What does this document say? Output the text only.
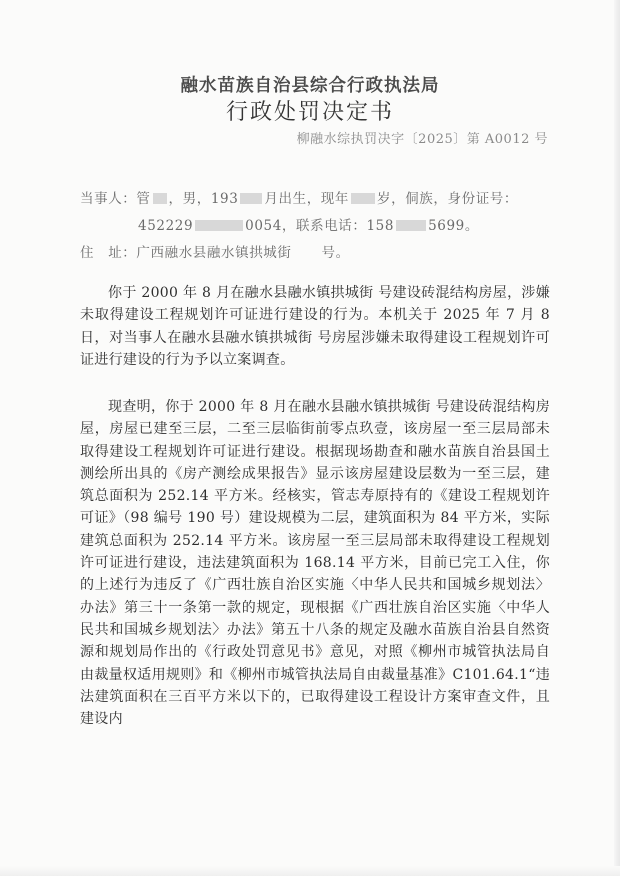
融水苗族自治县综合行政执法局
行政处罚决定书
柳融水综执罚决字〔2025〕第 A0012 号
当事人：管 ，男，193 月出生，现年 岁，侗族，身份证号：
452229	0054，联系电话：158	5699。
住　址：广西融水县融水镇拱城街 号。
你于 2000 年 8 月在融水县融水镇拱城街 号建设砖混结构房屋，涉嫌未取得建设工程规划许可证进行建设的行为。本机关于 2025 年 7 月 8 日，对当事人在融水县融水镇拱城街 号房屋涉嫌未取得建设工程规划许可证进行建设的行为予以立案调查。
现查明，你于 2000 年 8 月在融水县融水镇拱城街 号建设砖混结构房屋，房屋已建至三层，二至三层临街前零点玖壹，该房屋一至三层局部未取得建设工程规划许可证进行建设。根据现场勘查和融水苗族自治县国土测绘所出具的《房产测绘成果报告》显示该房屋建设层数为一至三层，建筑总面积为 252.14 平方米。经核实，管志寿原持有的《建设工程规划许可证》（98 编号 190 号）建设规模为二层，建筑面积为 84 平方米，实际建筑总面积为 252.14 平方米。该房屋一至三层局部未取得建设工程规划许可证进行建设，违法建筑面积为 168.14 平方米，目前已完工入住，你的上述行为违反了《广西壮族自治区实施〈中华人民共和国城乡规划法〉办法》第三十一条第一款的规定，现根据《广西壮族自治区实施〈中华人民共和国城乡规划法〉办法》第五十八条的规定及融水苗族自治县自然资源和规划局作出的《行政处罚意见书》意见，对照《柳州市城管执法局自由裁量权适用规则》和《柳州市城管执法局自由裁量基准》C101.64.1“违法建筑面积在三百平方米以下的，已取得建设工程设计方案审查文件，且建设内
